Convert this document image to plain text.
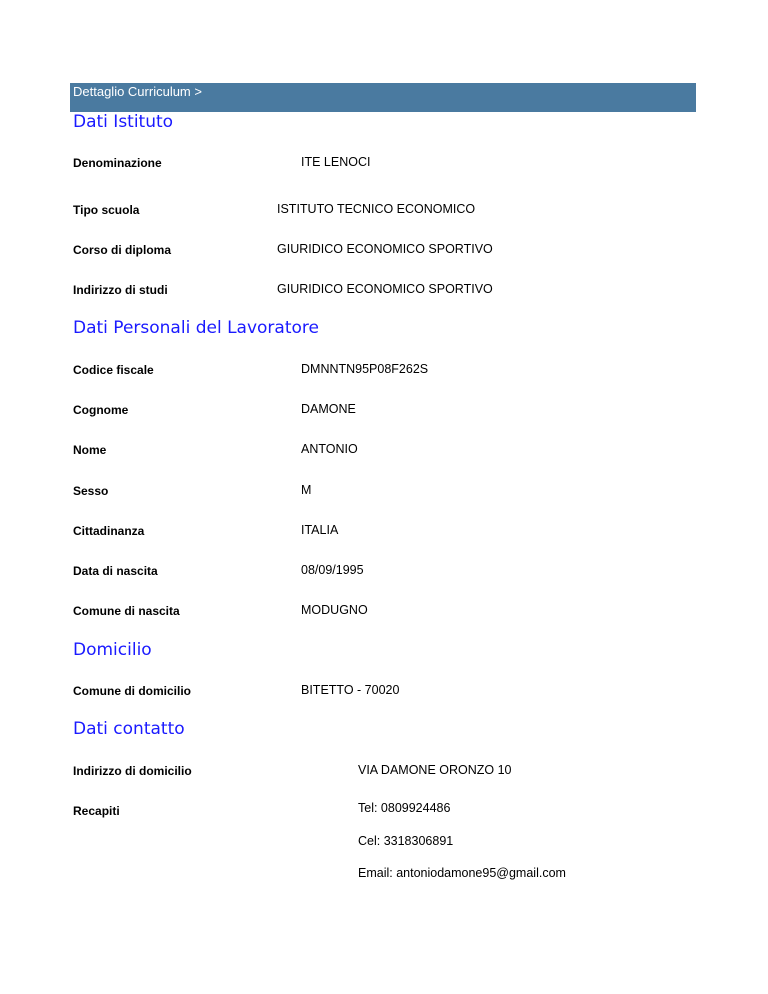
Dettaglio Curriculum >
Dati Istituto
Denominazione	ITE LENOCI
Tipo scuola	ISTITUTO TECNICO ECONOMICO
Corso di diploma	GIURIDICO ECONOMICO SPORTIVO
Indirizzo di studi	GIURIDICO ECONOMICO SPORTIVO
Dati Personali del Lavoratore
Codice fiscale	DMNNTN95P08F262S
Cognome	DAMONE
Nome	ANTONIO
Sesso	M
Cittadinanza	ITALIA
Data di nascita	08/09/1995
Comune di nascita	MODUGNO
Domicilio
Comune di domicilio	BITETTO - 70020
Dati contatto
Indirizzo di domicilio	VIA DAMONE ORONZO 10
Recapiti	Tel: 0809924486
Cel: 3318306891
Email: antoniodamone95@gmail.com
